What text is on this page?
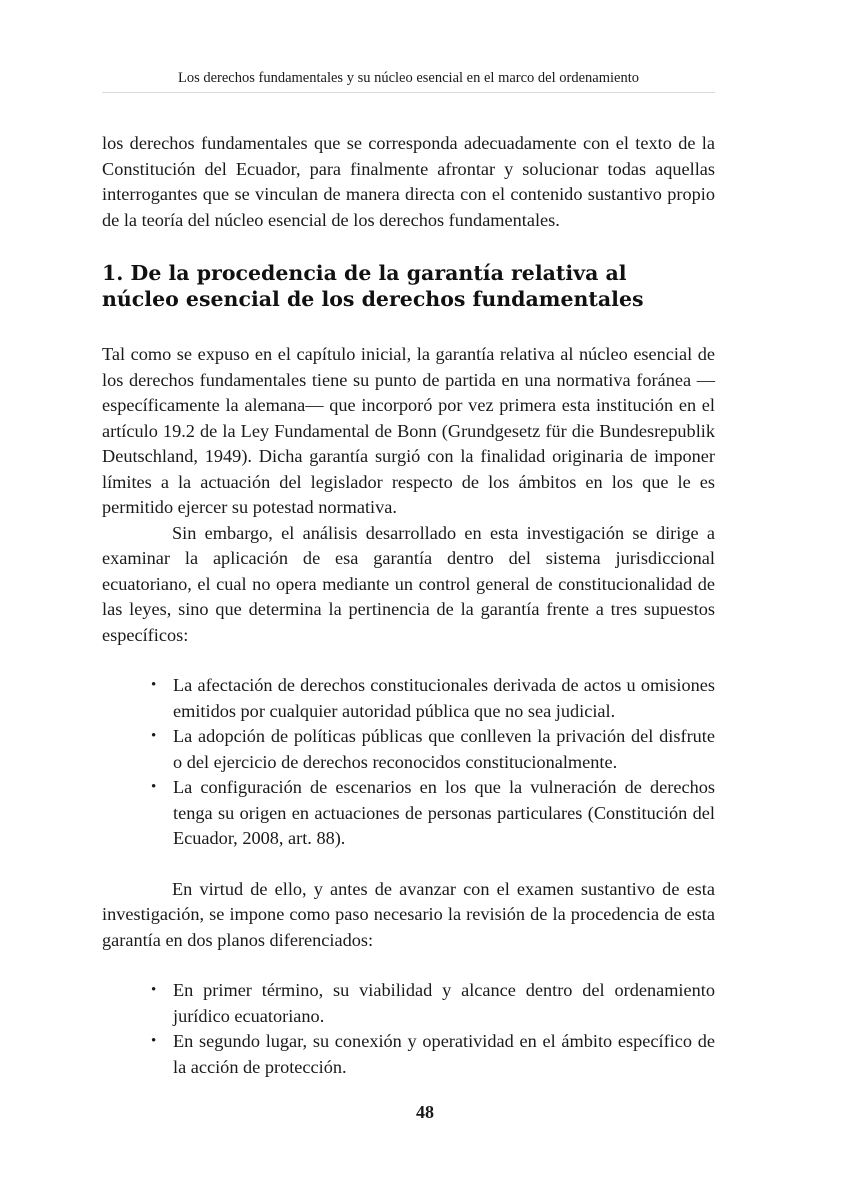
Los derechos fundamentales y su núcleo esencial en el marco del ordenamiento

los derechos fundamentales que se corresponda adecuadamente con el texto de la Constitución del Ecuador, para finalmente afrontar y solucionar todas aquellas interrogantes que se vinculan de manera directa con el contenido sustantivo propio de la teoría del núcleo esencial de los derechos fundamentales.

1. De la procedencia de la garantía relativa al
núcleo esencial de los derechos fundamentales

Tal como se expuso en el capítulo inicial, la garantía relativa al núcleo esencial de los derechos fundamentales tiene su punto de partida en una normativa foránea —específicamente la alemana— que incorporó por vez primera esta institución en el artículo 19.2 de la Ley Fundamental de Bonn (Grundgesetz für die Bundesrepublik Deutschland, 1949). Dicha garantía surgió con la finalidad originaria de imponer límites a la actuación del legislador respecto de los ámbitos en los que le es permitido ejercer su potestad normativa.

Sin embargo, el análisis desarrollado en esta investigación se dirige a examinar la aplicación de esa garantía dentro del sistema jurisdiccional ecuatoriano, el cual no opera mediante un control general de constitucionalidad de las leyes, sino que determina la pertinencia de la garantía frente a tres supuestos específicos:

• La afectación de derechos constitucionales derivada de actos u omisiones emitidos por cualquier autoridad pública que no sea judicial.
• La adopción de políticas públicas que conlleven la privación del disfrute o del ejercicio de derechos reconocidos constitucionalmente.
• La configuración de escenarios en los que la vulneración de derechos tenga su origen en actuaciones de personas particulares (Constitución del Ecuador, 2008, art. 88).

En virtud de ello, y antes de avanzar con el examen sustantivo de esta investigación, se impone como paso necesario la revisión de la procedencia de esta garantía en dos planos diferenciados:

• En primer término, su viabilidad y alcance dentro del ordenamiento jurídico ecuatoriano.
• En segundo lugar, su conexión y operatividad en el ámbito específico de la acción de protección.
48
